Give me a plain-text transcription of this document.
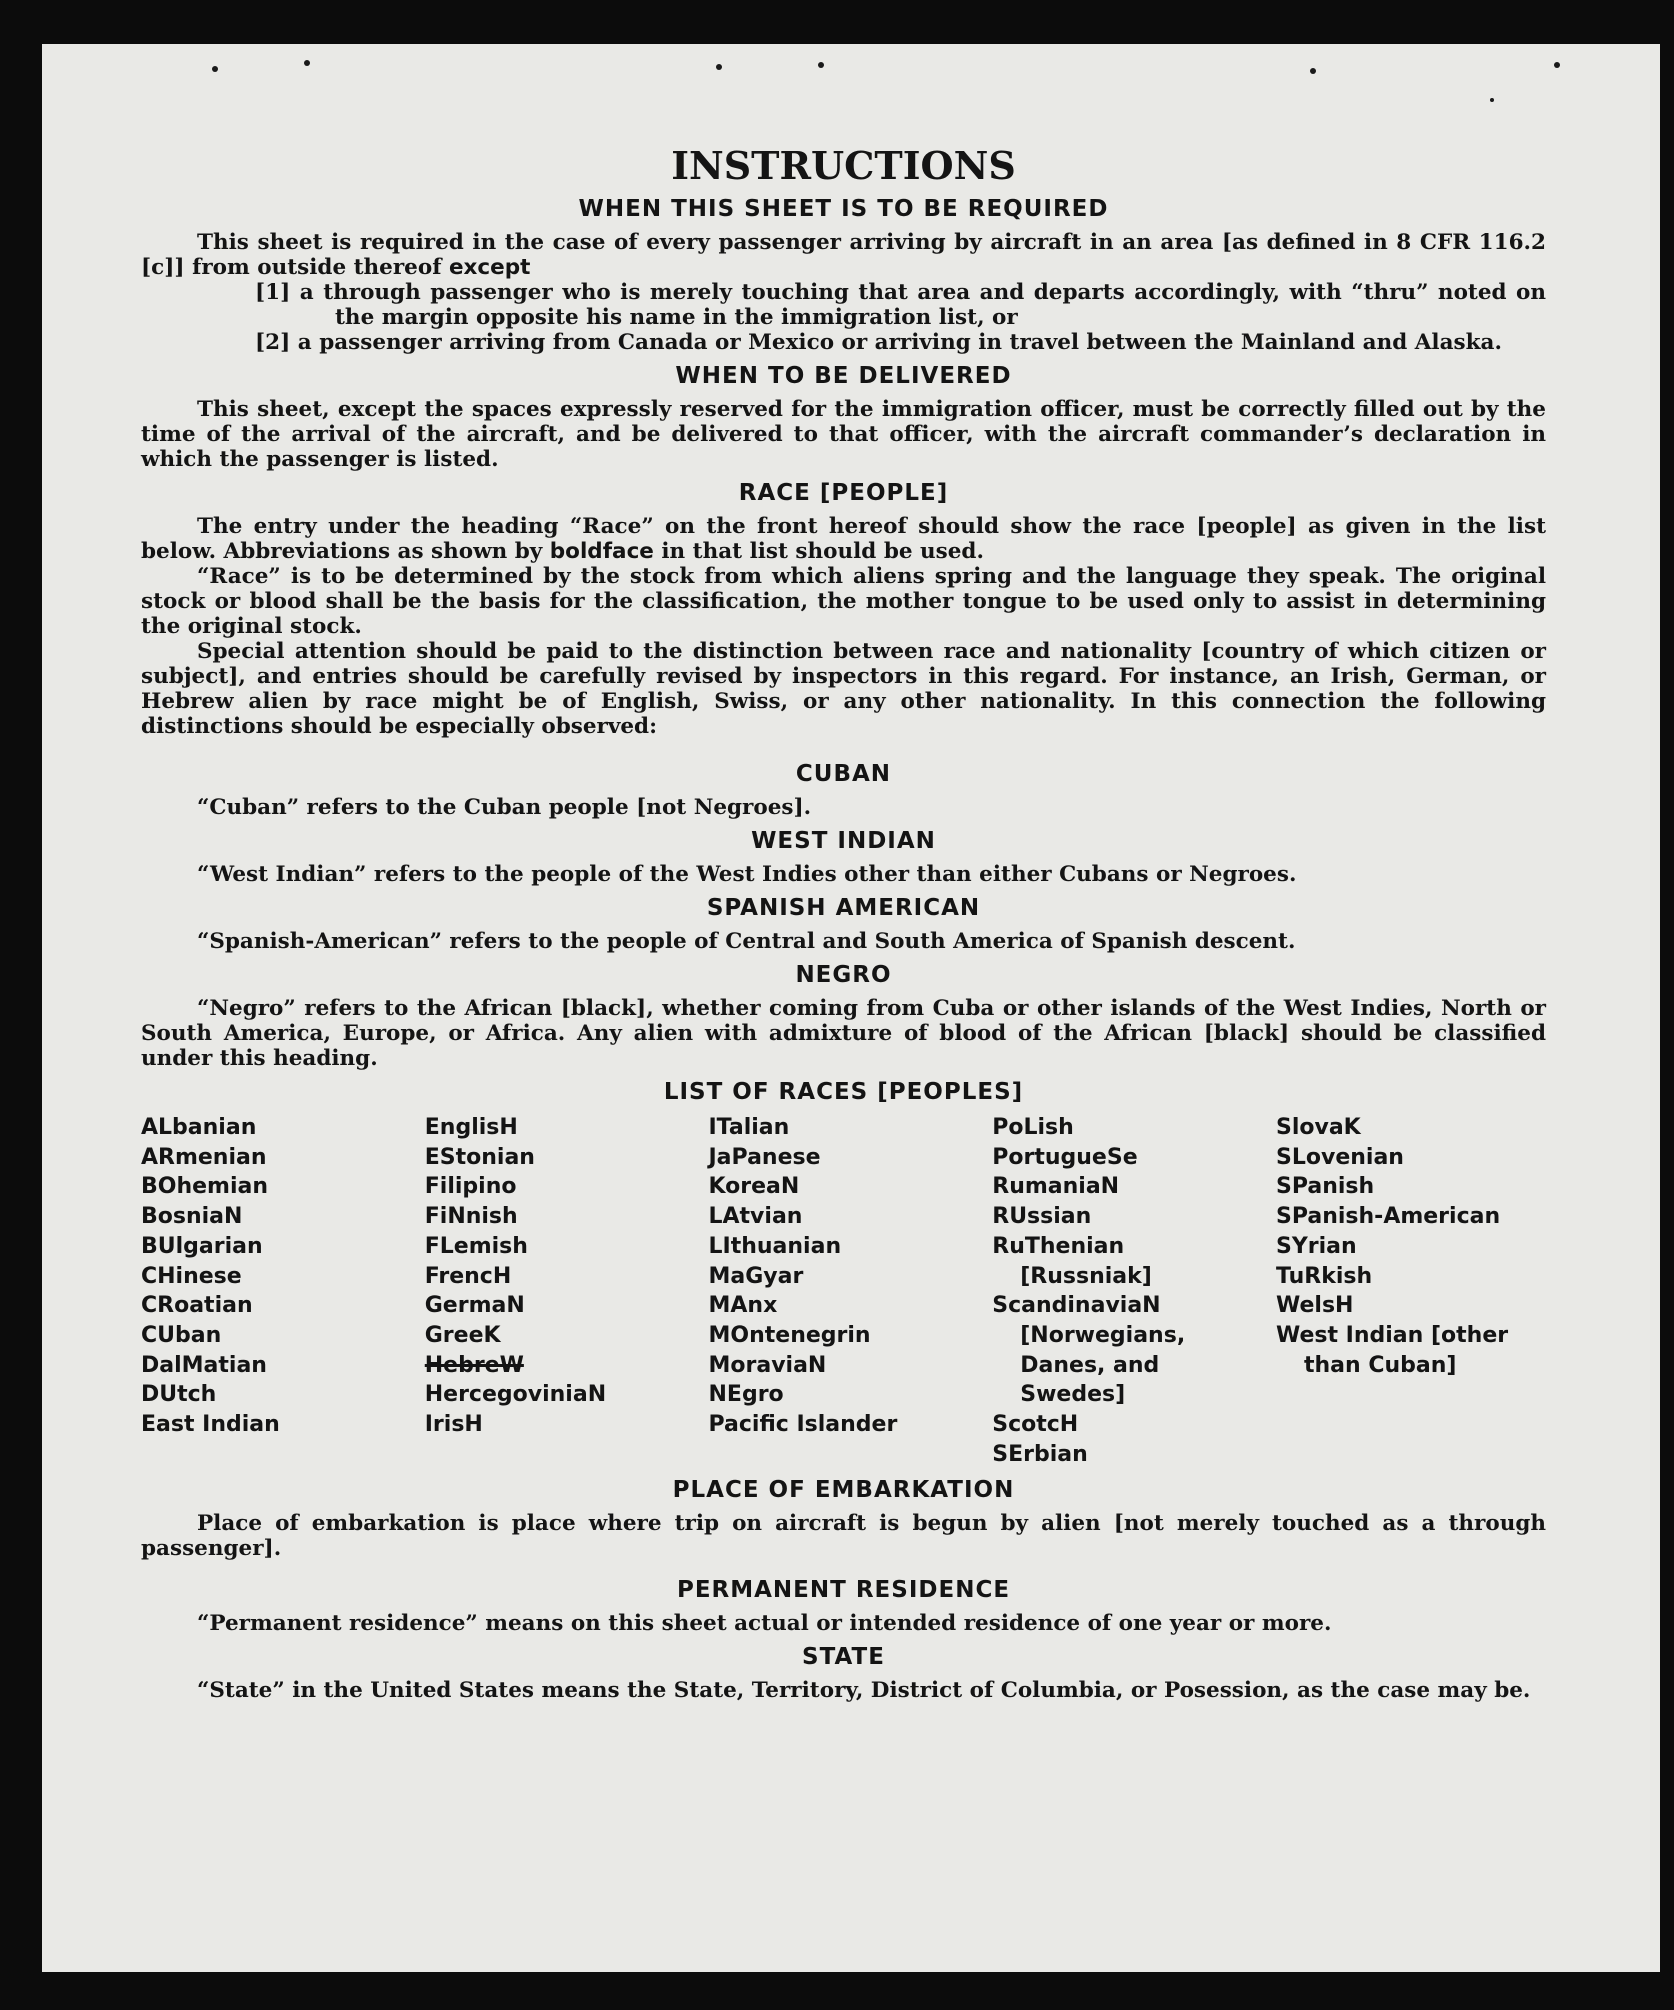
INSTRUCTIONS
WHEN THIS SHEET IS TO BE REQUIRED

This sheet is required in the case of every passenger arriving by aircraft in an area [as defined in 8 CFR 116.2 [c]] from outside thereof except

[1] a through passenger who is merely touching that area and departs accordingly, with “thru” noted on the margin opposite his name in the immigration list, or

[2] a passenger arriving from Canada or Mexico or arriving in travel between the Mainland and Alaska.

WHEN TO BE DELIVERED

This sheet, except the spaces expressly reserved for the immigration officer, must be correctly filled out by the time of the arrival of the aircraft, and be delivered to that officer, with the aircraft commander’s declaration in which the passenger is listed.

RACE [PEOPLE]

The entry under the heading “Race” on the front hereof should show the race [people] as given in the list below. Abbreviations as shown by boldface in that list should be used.

“Race” is to be determined by the stock from which aliens spring and the language they speak. The original stock or blood shall be the basis for the classification, the mother tongue to be used only to assist in determining the original stock.

Special attention should be paid to the distinction between race and nationality [country of which citizen or subject], and entries should be carefully revised by inspectors in this regard. For instance, an Irish, German, or Hebrew alien by race might be of English, Swiss, or any other nationality. In this connection the following distinctions should be especially observed:

CUBAN

“Cuban” refers to the Cuban people [not Negroes].

WEST INDIAN

“West Indian” refers to the people of the West Indies other than either Cubans or Negroes.

SPANISH AMERICAN

“Spanish-American” refers to the people of Central and South America of Spanish descent.

NEGRO

“Negro” refers to the African [black], whether coming from Cuba or other islands of the West Indies, North or South America, Europe, or Africa. Any alien with admixture of blood of the African [black] should be classified under this heading.

LIST OF RACES [PEOPLES]
ALbanian
ARmenian
BOhemian
BosniaN
BUlgarian
CHinese
CRoatian
CUban
DalMatian
DUtch
East Indian
EnglisH
EStonian
Filipino
FiNnish
FLemish
FrencH
GermaN
GreeK
HebreW
HercegoviniaN
IrisH
ITalian
JaPanese
KoreaN
LAtvian
LIthuanian
MaGyar
MAnx
MOntenegrin
MoraviaN
NEgro
Pacific Islander
PoLish
PortugueSe
RumaniaN
RUssian
RuThenian [Russniak]
ScandinaviaN [Norwegians, Danes, and Swedes]
ScotcH
SErbian
SlovaK
SLovenian
SPanish
SPanish-American
SYrian
TuRkish
WelsH
West Indian [other than Cuban]
PLACE OF EMBARKATION

Place of embarkation is place where trip on aircraft is begun by alien [not merely touched as a through passenger].

PERMANENT RESIDENCE

“Permanent residence” means on this sheet actual or intended residence of one year or more.

STATE

“State” in the United States means the State, Territory, District of Columbia, or Posession, as the case may be.
